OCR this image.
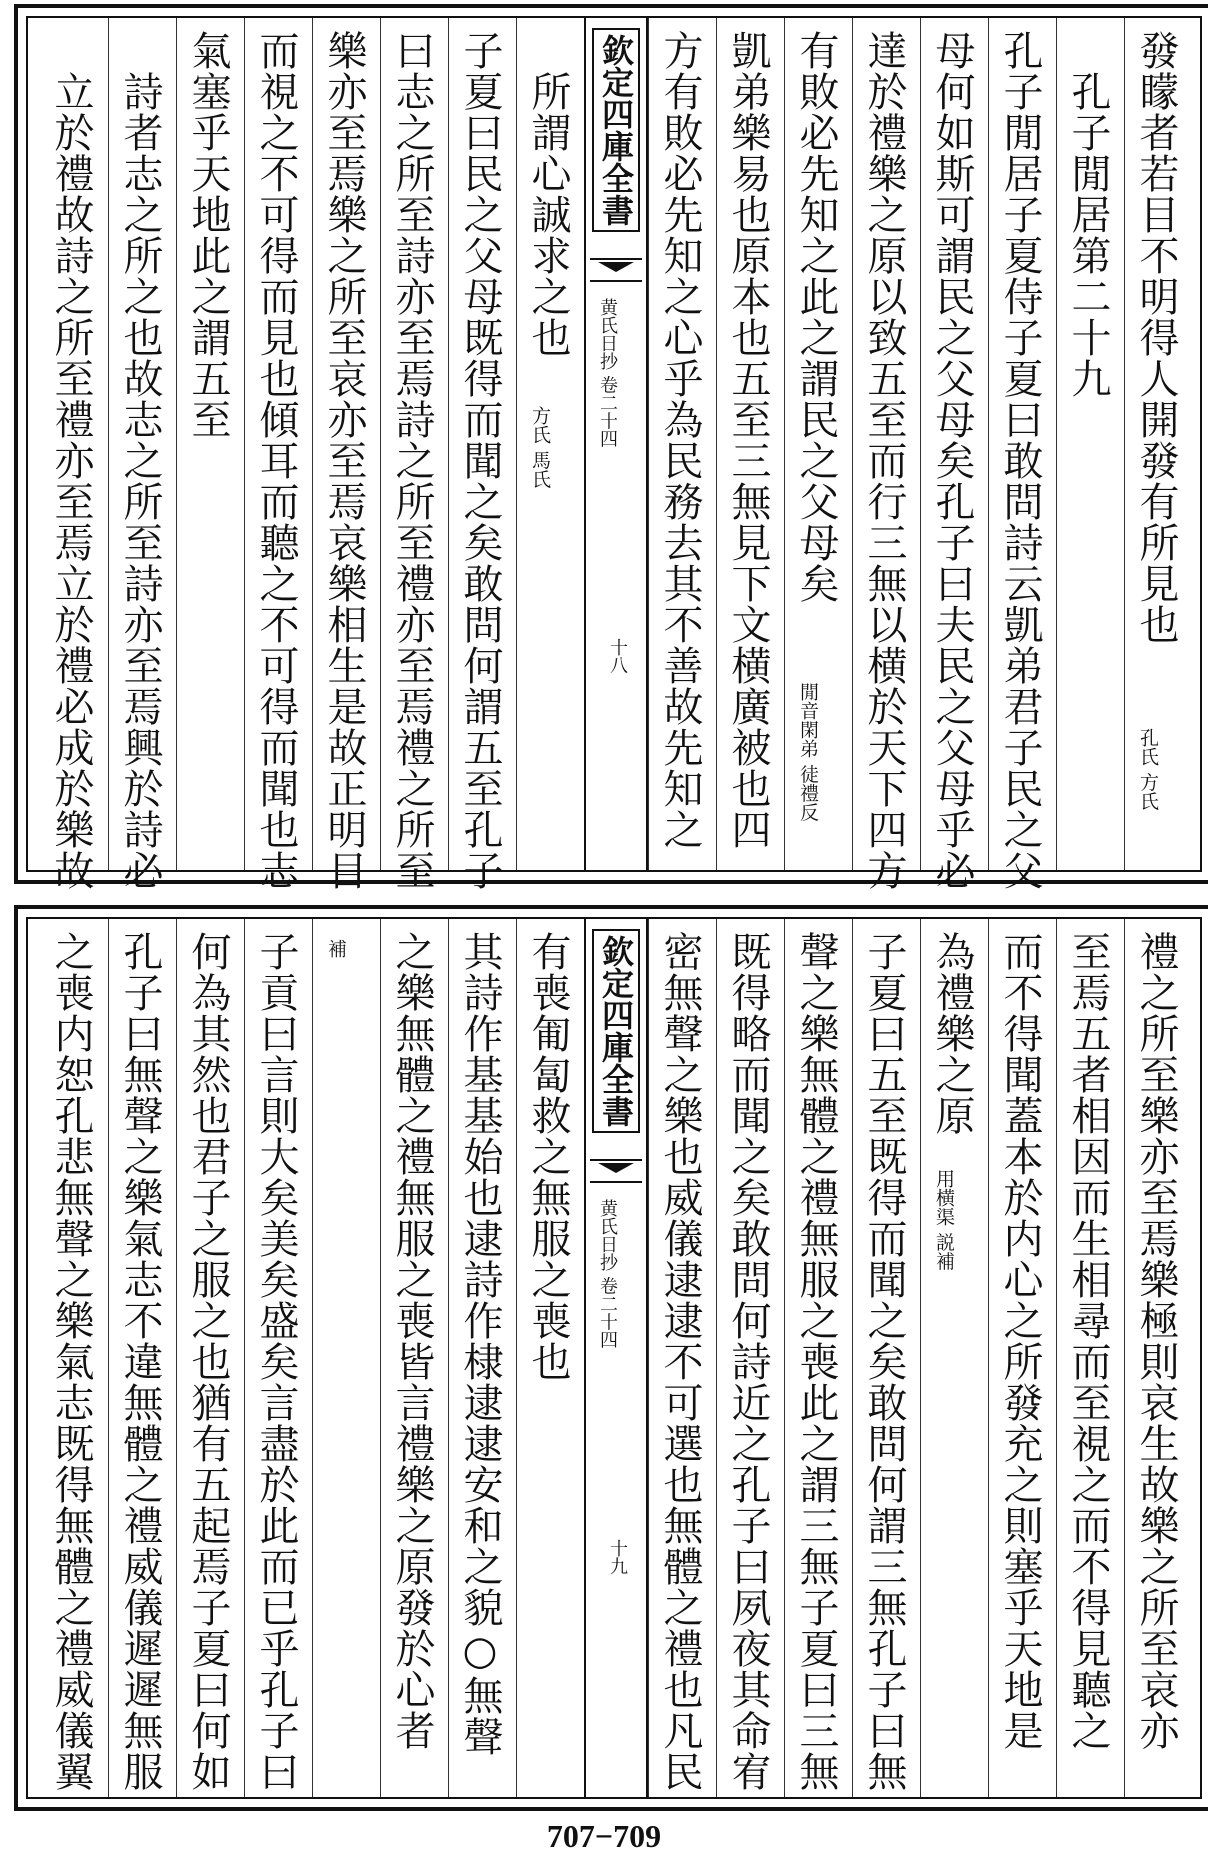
發矇者若目不明得人開發有所見也
孔氏 方氏
　孔子閒居第二十九
孔子閒居子夏侍子夏曰敢問詩云凱弟君子民之父
母何如斯可謂民之父母矣孔子曰夫民之父母乎必
達於禮樂之原以致五至而行三無以横於天下四方
有敗必先知之此之謂民之父母矣
閒音閑弟 徒禮反
凱弟樂易也原本也五至三無見下文横廣被也四
方有敗必先知之心乎為民務去其不善故先知之
欽定四庫全書
黄氏日抄 卷二十四
十八
　所謂心誠求之也
方氏 馬氏
子夏曰民之父母既得而聞之矣敢問何謂五至孔子
曰志之所至詩亦至焉詩之所至禮亦至焉禮之所至
樂亦至焉樂之所至哀亦至焉哀樂相生是故正明目
而視之不可得而見也傾耳而聽之不可得而聞也志
氣塞乎天地此之謂五至
　詩者志之所之也故志之所至詩亦至焉興於詩必
　立於禮故詩之所至禮亦至焉立於禮必成於樂故
禮之所至樂亦至焉樂極則哀生故樂之所至哀亦
至焉五者相因而生相尋而至視之而不得見聽之
而不得聞蓋本於内心之所發充之則塞乎天地是
為禮樂之原
用横渠 説補
子夏曰五至既得而聞之矣敢問何謂三無孔子曰無
聲之樂無體之禮無服之喪此之謂三無子夏曰三無
既得略而聞之矣敢問何詩近之孔子曰夙夜其命宥
密無聲之樂也威儀逮逮不可選也無體之禮也凡民
欽定四庫全書
黄氏日抄 卷二十四
十九
有喪匍匐救之無服之喪也
其詩作基基始也逮詩作棣逮逮安和之貌○無聲
之樂無體之禮無服之喪皆言禮樂之原發於心者
補
子貢曰言則大矣美矣盛矣言盡於此而已乎孔子曰
何為其然也君子之服之也猶有五起焉子夏曰何如
孔子曰無聲之樂氣志不違無體之禮威儀遲遲無服
之喪内恕孔悲無聲之樂氣志既得無體之禮威儀翼
707−709
